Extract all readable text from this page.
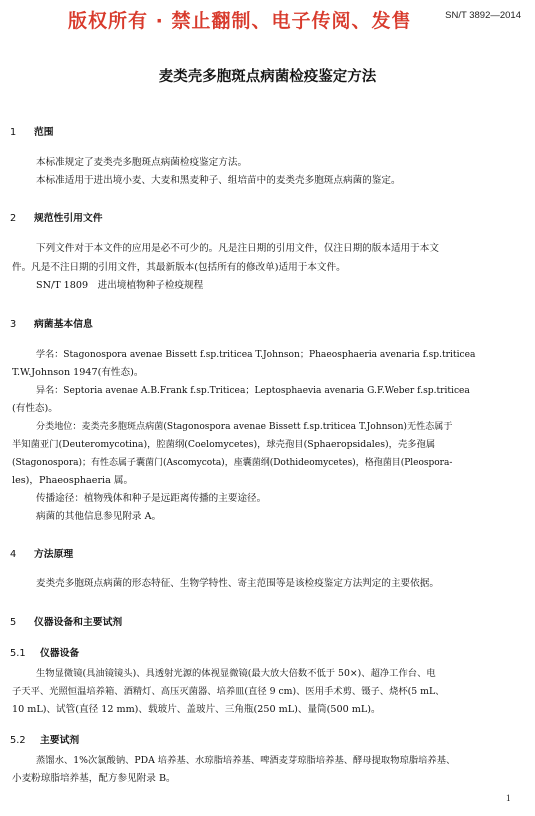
版权所有 · 禁止翻制、电子传阅、发售	SN/T 3892—2014
麦类壳多胞斑点病菌检疫鉴定方法
1 范围
本标准规定了麦类壳多胞斑点病菌检疫鉴定方法。
本标准适用于进出境小麦、大麦和黑麦种子、组培苗中的麦类壳多胞斑点病菌的鉴定。
2 规范性引用文件
下列文件对于本文件的应用是必不可少的。凡是注日期的引用文件，仅注日期的版本适用于本文
件。凡是不注日期的引用文件，其最新版本(包括所有的修改单)适用于本文件。
SN/T 1809　进出境植物种子检疫规程
3 病菌基本信息
学名：Stagonospora avenae Bissett f.sp.triticea T.Johnson；Phaeosphaeria avenaria f.sp.triticea
T.W.Johnson 1947(有性态)。
异名：Septoria avenae A.B.Frank f.sp.Triticea；Leptosphaevia avenaria G.F.Weber f.sp.triticea
(有性态)。
分类地位：麦类壳多胞斑点病菌(Stagonospora avenae Bissett f.sp.triticea T.Johnson)无性态属于
半知菌亚门(Deuteromycotina)，腔菌纲(Coelomycetes)，球壳孢目(Sphaeropsidales)，壳多孢属
(Stagonospora)；有性态属子囊菌门(Ascomycota)，座囊菌纲(Dothideomycetes)，格孢菌目(Pleospora-
les)，Phaeosphaeria 属。
传播途径：植物残体和种子是远距离传播的主要途径。
病菌的其他信息参见附录 A。
4 方法原理
麦类壳多胞斑点病菌的形态特征、生物学特性、寄主范围等是该检疫鉴定方法判定的主要依据。
5 仪器设备和主要试剂
5.1 仪器设备
生物显微镜(具油镜镜头)、具透射光源的体视显微镜(最大放大倍数不低于 50×)、超净工作台、电
子天平、光照恒温培养箱、酒精灯、高压灭菌器、培养皿(直径 9 cm)、医用手术剪、镊子、烧杯(5 mL、
10 mL)、试管(直径 12 mm)、载玻片、盖玻片、三角瓶(250 mL)、量筒(500 mL)。
5.2 主要试剂
蒸馏水、1%次氯酸钠、PDA 培养基、水琼脂培养基、啤酒麦芽琼脂培养基、酵母提取物琼脂培养基、
小麦粉琼脂培养基，配方参见附录 B。
1
